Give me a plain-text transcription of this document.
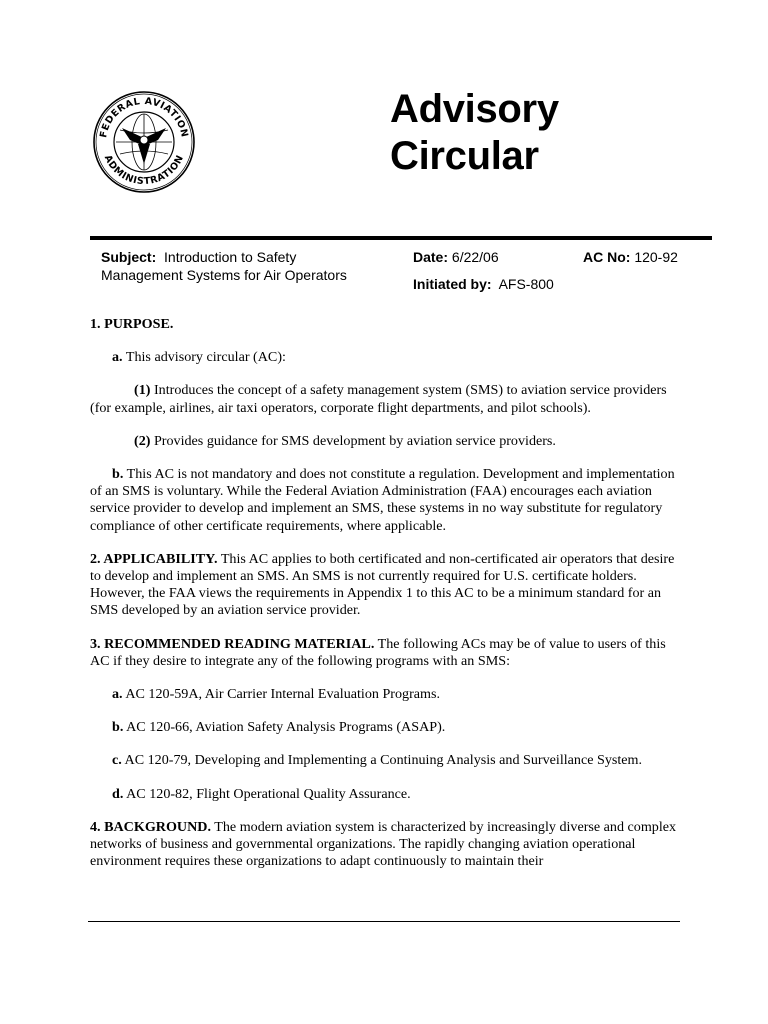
FEDERAL AVIATION
ADMINISTRATION
Advisory
Circular
Subject: Introduction to Safety
Management Systems for Air Operators
Date: 6/22/06	AC No: 120-92
Initiated by: AFS-800

1. PURPOSE.

a. This advisory circular (AC):

(1) Introduces the concept of a safety management system (SMS) to aviation service providers (for example, airlines, air taxi operators, corporate flight departments, and pilot schools).

(2) Provides guidance for SMS development by aviation service providers.

b. This AC is not mandatory and does not constitute a regulation. Development and implementation of an SMS is voluntary. While the Federal Aviation Administration (FAA) encourages each aviation service provider to develop and implement an SMS, these systems in no way substitute for regulatory compliance of other certificate requirements, where applicable.

2. APPLICABILITY. This AC applies to both certificated and non-certificated air operators that desire to develop and implement an SMS. An SMS is not currently required for U.S. certificate holders. However, the FAA views the requirements in Appendix 1 to this AC to be a minimum standard for an SMS developed by an aviation service provider.

3. RECOMMENDED READING MATERIAL. The following ACs may be of value to users of this AC if they desire to integrate any of the following programs with an SMS:

a. AC 120-59A, Air Carrier Internal Evaluation Programs.

b. AC 120-66, Aviation Safety Analysis Programs (ASAP).

c. AC 120-79, Developing and Implementing a Continuing Analysis and Surveillance System.

d. AC 120-82, Flight Operational Quality Assurance.

4. BACKGROUND. The modern aviation system is characterized by increasingly diverse and complex networks of business and governmental organizations. The rapidly changing aviation operational environment requires these organizations to adapt continuously to maintain their
